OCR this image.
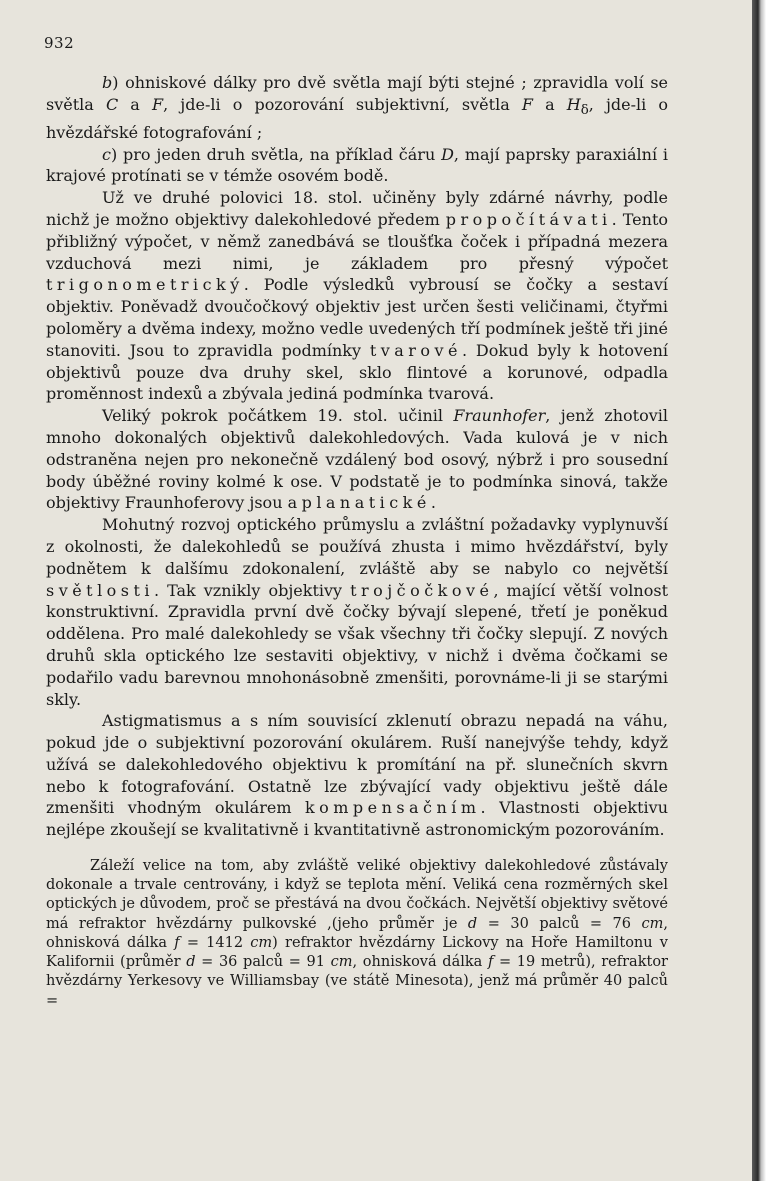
932

b) ohniskové dálky pro dvě světla mají býti stejné ; zpravidla volí se světla C a F, jde-li o pozorování subjektivní, světla F a $H_\delta$, jde-li o hvězdářské fotografování ;

c) pro jeden druh světla, na příklad čáru D, mají paprsky paraxiální i krajové protínati se v témže osovém bodě.

Už ve druhé polovici 18. stol. učiněny byly zdárné návrhy, podle nichž je možno objektivy dalekohledové předem propočítávati. Tento přibližný výpočet, v němž zanedbává se tloušťka čoček i případná mezera vzduchová mezi nimi, je základem pro přesný výpočet trigonometrický. Podle výsledků vybrousí se čočky a sestaví objektiv. Poněvadž dvoučočkový objektiv jest určen šesti veličinami, čtyřmi poloměry a dvěma indexy, možno vedle uvedených tří podmínek ještě tři jiné stanoviti. Jsou to zpravidla podmínky tvarové. Dokud byly k hotovení objektivů pouze dva druhy skel, sklo flintové a korunové, odpadla proměnnost indexů a zbývala jediná podmínka tvarová.

Veliký pokrok počátkem 19. stol. učinil Fraunhofer, jenž zhotovil mnoho dokonalých objektivů dalekohledových. Vada kulová je v nich odstraněna nejen pro nekonečně vzdálený bod osový, nýbrž i pro sousední body úběžné roviny kolmé k ose. V podstatě je to podmínka sinová, takže objektivy Fraunhoferovy jsou aplanatické.

Mohutný rozvoj optického průmyslu a zvláštní požadavky vyplynuvší z okolnosti, že dalekohledů se používá zhusta i mimo hvězdářství, byly podnětem k dalšímu zdokonalení, zvláště aby se nabylo co největší světlosti. Tak vznikly objektivy trojčočkové, mající větší volnost konstruktivní. Zpravidla první dvě čočky bývají slepené, třetí je poněkud oddělena. Pro malé dalekohledy se však všechny tři čočky slepují. Z nových druhů skla optického lze sestaviti objektivy, v nichž i dvěma čočkami se podařilo vadu barevnou mnohonásobně zmenšiti, porovnáme-li ji se starými skly.

Astigmatismus a s ním souvisící zklenutí obrazu nepadá na váhu, pokud jde o subjektivní pozorování okulárem. Ruší nanejvýše tehdy, když užívá se dalekohledového objektivu k promítání na př. slunečních skvrn nebo k fotografování. Ostatně lze zbývající vady objektivu ještě dále zmenšiti vhodným okulárem kompensačním. Vlastnosti objektivu nejlépe zkoušejí se kvalitativně i kvantitativně astronomickým pozorováním.

Záleží velice na tom, aby zvláště veliké objektivy dalekohledové zůstávaly dokonale a trvale centrovány, i když se teplota mění. Veliká cena rozměrných skel optických je důvodem, proč se přestává na dvou čočkách. Největší objektivy světové má refraktor hvězdárny pulkovské ,(jeho průměr je d = 30 palců = 76 cm, ohnisková dálka f = 1412 cm) refraktor hvězdárny Lickovy na Hoře Hamiltonu v Kalifornii (průměr d = 36 palců = 91 cm, ohnisková dálka f = 19 metrů), refraktor hvězdárny Yerkesovy ve Williamsbay (ve státě Minesota), jenž má průměr 40 palců =
